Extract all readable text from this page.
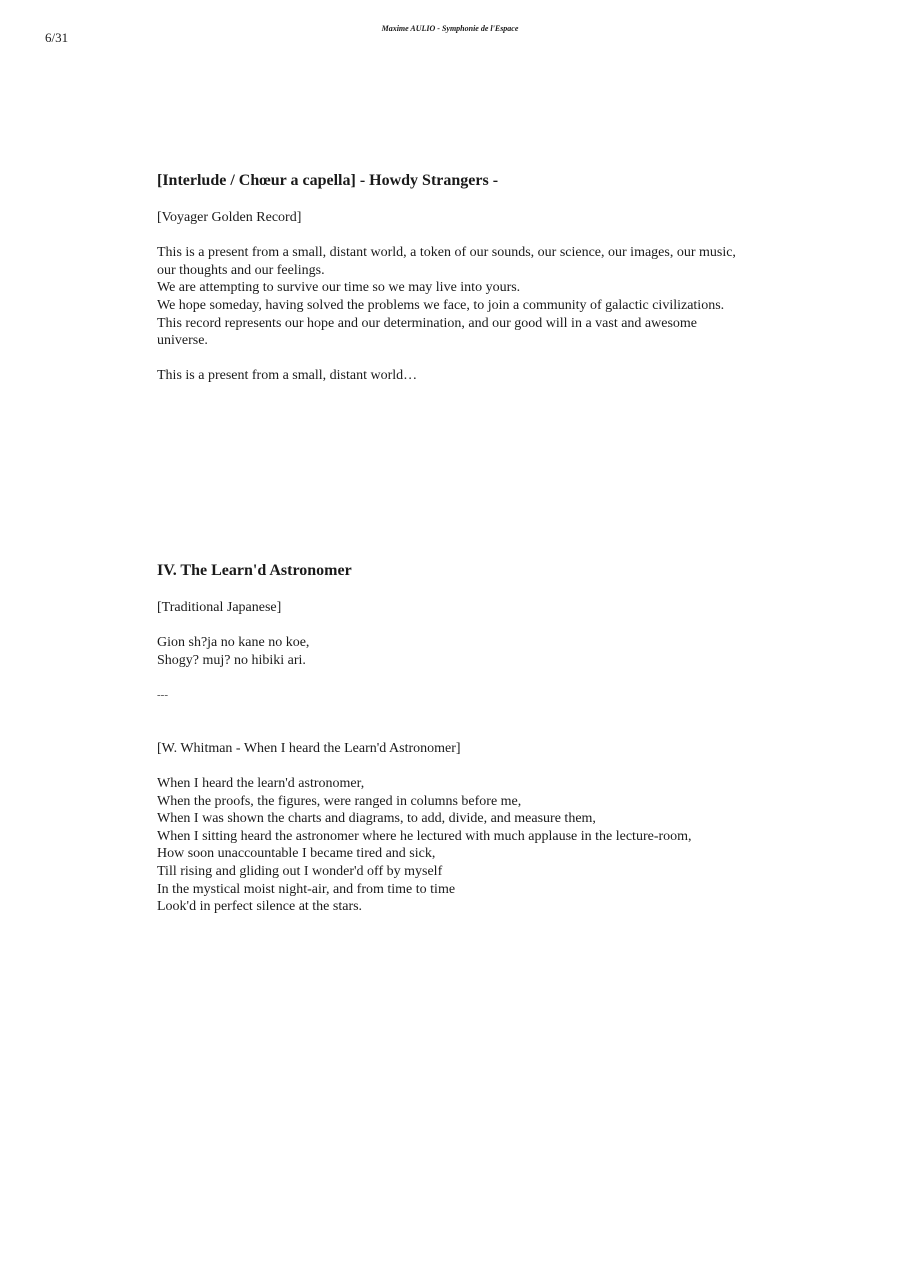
6/31
Maxime AULIO - Symphonie de l'Espace
[Interlude / Chœur a capella] - Howdy Strangers -

[Voyager Golden Record]

This is a present from a small, distant world, a token of our sounds, our science, our images, our music,
our thoughts and our feelings.
We are attempting to survive our time so we may live into yours.
We hope someday, having solved the problems we face, to join a community of galactic civilizations.
This record represents our hope and our determination, and our good will in a vast and awesome
universe.

This is a present from a small, distant world…

IV. The Learn'd Astronomer

[Traditional Japanese]

Gion sh?ja no kane no koe,
Shogy? muj? no hibiki ari.

---

[W. Whitman - When I heard the Learn'd Astronomer]

When I heard the learn'd astronomer,
When the proofs, the figures, were ranged in columns before me,
When I was shown the charts and diagrams, to add, divide, and measure them,
When I sitting heard the astronomer where he lectured with much applause in the lecture-room,
How soon unaccountable I became tired and sick,
Till rising and gliding out I wonder'd off by myself
In the mystical moist night-air, and from time to time
Look'd in perfect silence at the stars.
